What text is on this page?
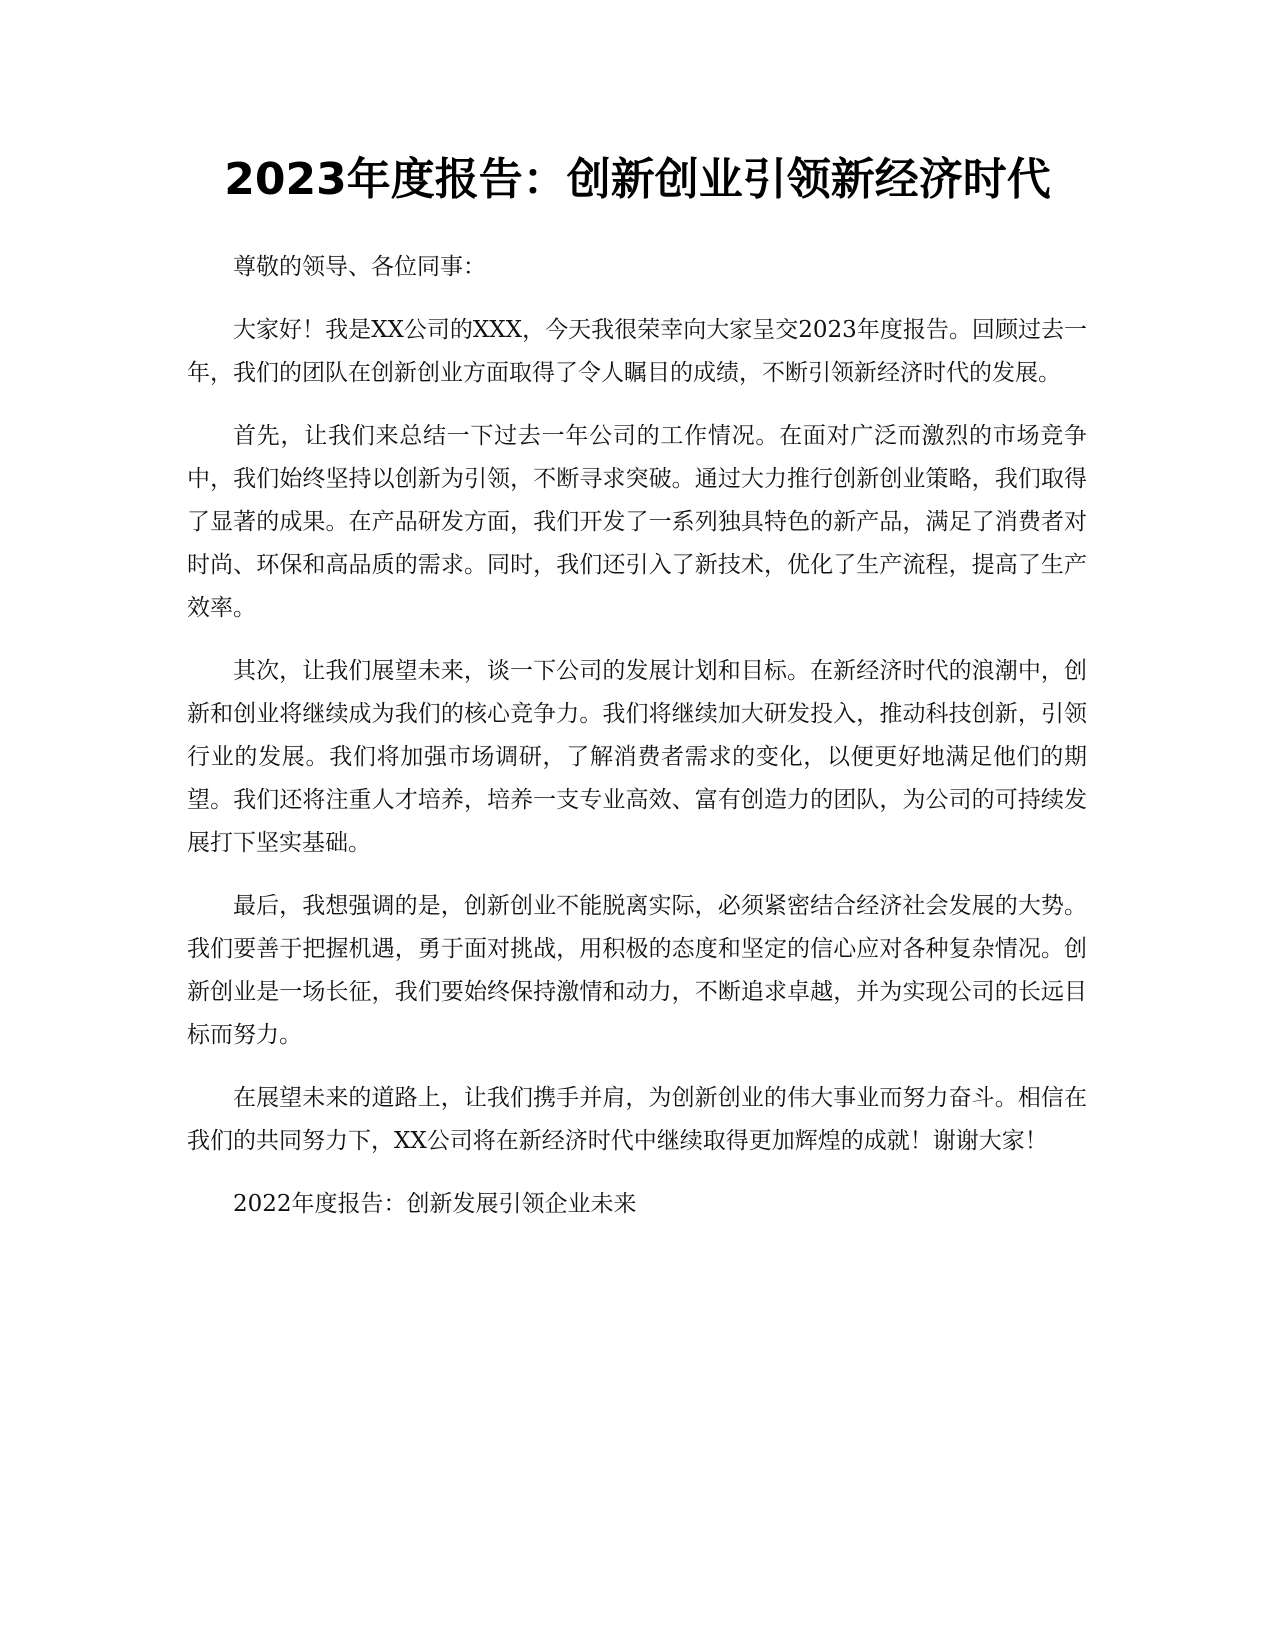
2023年度报告：创新创业引领新经济时代

尊敬的领导、各位同事：

大家好！我是XX公司的XXX，今天我很荣幸向大家呈交2023年度报告。回顾过去一年，我们的团队在创新创业方面取得了令人瞩目的成绩，不断引领新经济时代的发展。

首先，让我们来总结一下过去一年公司的工作情况。在面对广泛而激烈的市场竞争中，我们始终坚持以创新为引领，不断寻求突破。通过大力推行创新创业策略，我们取得了显著的成果。在产品研发方面，我们开发了一系列独具特色的新产品，满足了消费者对时尚、环保和高品质的需求。同时，我们还引入了新技术，优化了生产流程，提高了生产效率。

其次，让我们展望未来，谈一下公司的发展计划和目标。在新经济时代的浪潮中，创新和创业将继续成为我们的核心竞争力。我们将继续加大研发投入，推动科技创新，引领行业的发展。我们将加强市场调研，了解消费者需求的变化，以便更好地满足他们的期望。我们还将注重人才培养，培养一支专业高效、富有创造力的团队，为公司的可持续发展打下坚实基础。

最后，我想强调的是，创新创业不能脱离实际，必须紧密结合经济社会发展的大势。我们要善于把握机遇，勇于面对挑战，用积极的态度和坚定的信心应对各种复杂情况。创新创业是一场长征，我们要始终保持激情和动力，不断追求卓越，并为实现公司的长远目标而努力。

在展望未来的道路上，让我们携手并肩，为创新创业的伟大事业而努力奋斗。相信在我们的共同努力下，XX公司将在新经济时代中继续取得更加辉煌的成就！谢谢大家！

2022年度报告：创新发展引领企业未来
